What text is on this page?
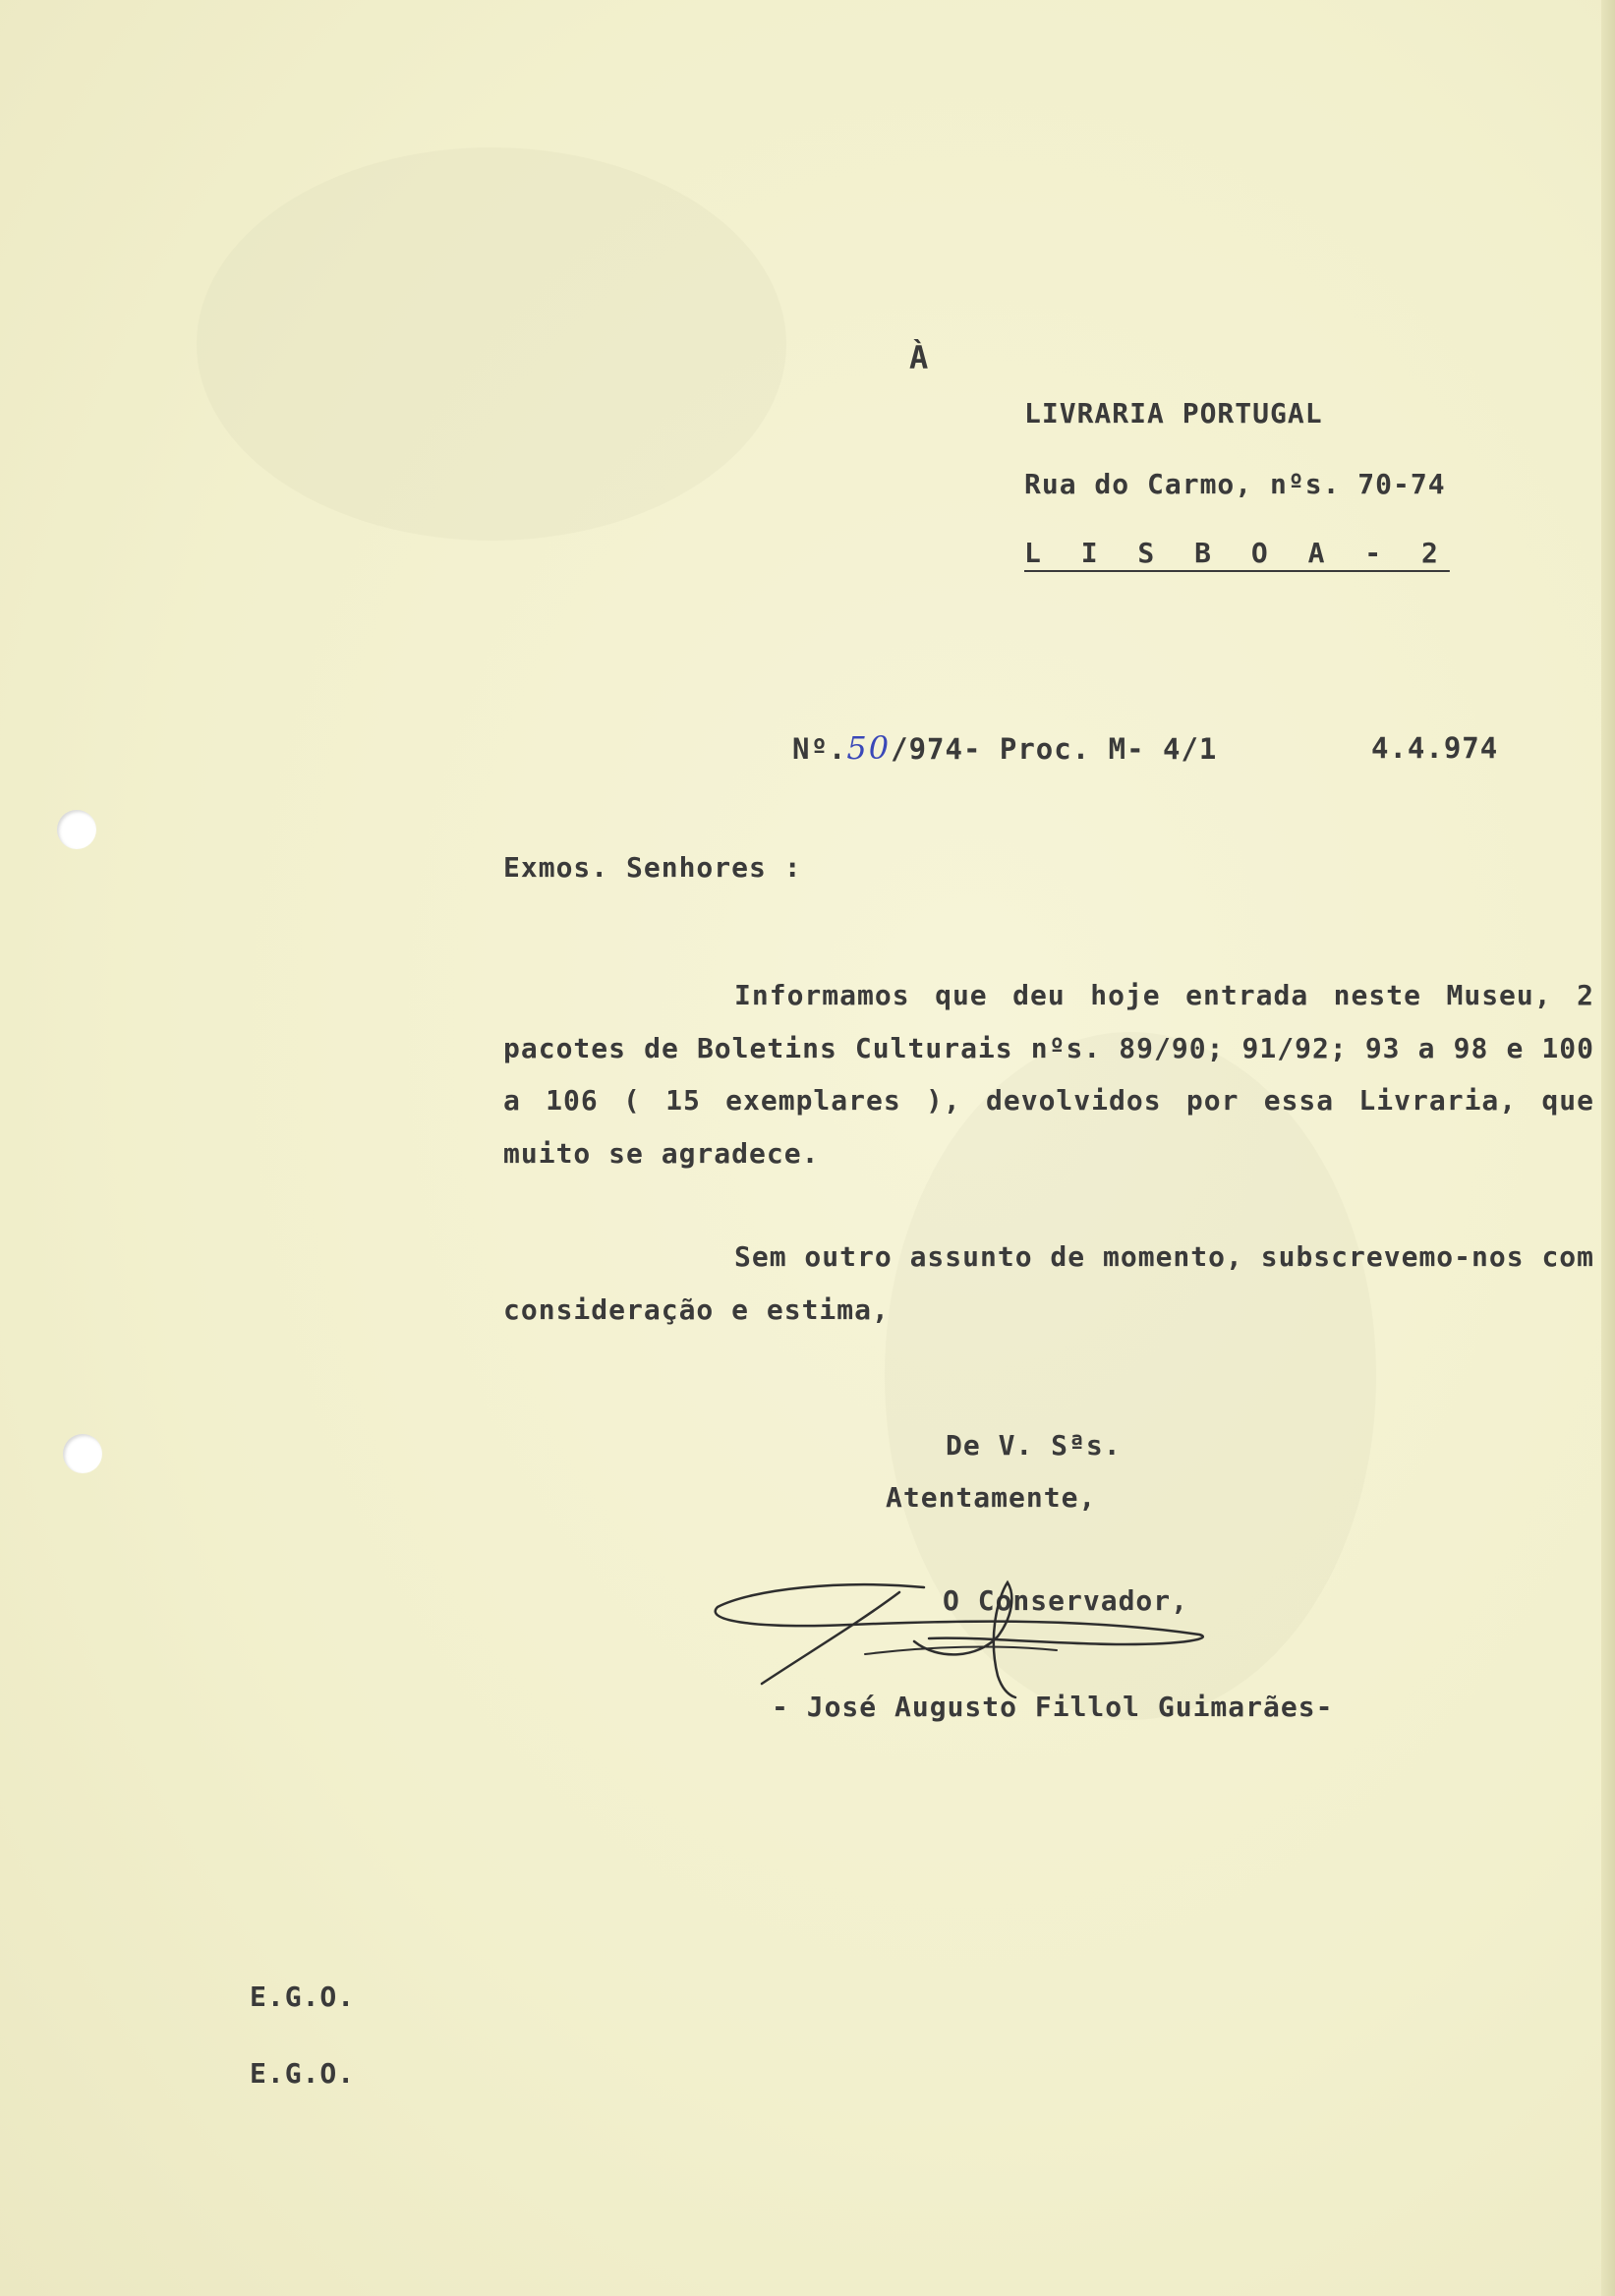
À
LIVRARIA PORTUGAL
Rua do Carmo, nºs. 70-74
L I S B O A - 2
Nº.50/974- Proc. M- 4/1	4.4.974
Exmos. Senhores :

Informamos que deu hoje entrada neste Museu, 2 pacotes de Boletins Culturais nºs. 89/90; 91/92; 93 a 98 e 100 a 106 ( 15 exemplares ), devolvidos por essa Livraria, que muito se agradece.

Sem outro assunto de momento, subscrevemo-nos com consideração e estima,

De V. Sªs.
Atentamente,
O Conservador,
- José Augusto Fillol Guimarães-
E.G.O.
E.G.O.
